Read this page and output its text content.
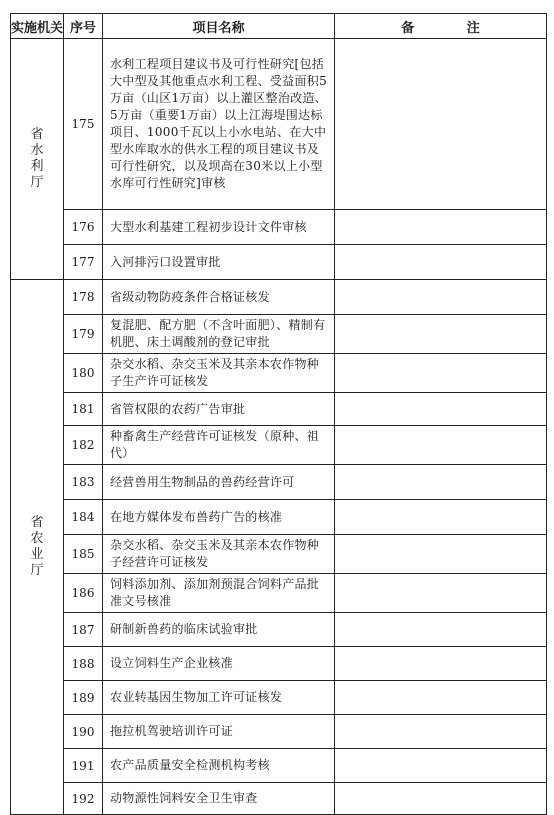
实施机关	序号	项目名称	备 注
省水利厅	175	水利工程项目建议书及可行性研究[包括大中型及其他重点水利工程、受益面积5万亩（山区1万亩）以上灌区整治改造、5万亩（重要1万亩）以上江海堤围达标项目、1000千瓦以上小水电站、在大中型水库取水的供水工程的项目建议书及可行性研究，以及坝高在30米以上小型水库可行性研究]审核	
	176	大型水利基建工程初步设计文件审核	
	177	入河排污口设置审批	
省农业厅	178	省级动物防疫条件合格证核发	
	179	复混肥、配方肥（不含叶面肥）、精制有机肥、床土调酸剂的登记审批	
	180	杂交水稻、杂交玉米及其亲本农作物种子生产许可证核发	
	181	省管权限的农药广告审批	
	182	种畜禽生产经营许可证核发（原种、祖代）	
	183	经营兽用生物制品的兽药经营许可	
	184	在地方媒体发布兽药广告的核准	
	185	杂交水稻、杂交玉米及其亲本农作物种子经营许可证核发	
	186	饲料添加剂、添加剂预混合饲料产品批准文号核准	
	187	研制新兽药的临床试验审批	
	188	设立饲料生产企业核准	
	189	农业转基因生物加工许可证核发	
	190	拖拉机驾驶培训许可证	
	191	农产品质量安全检测机构考核	
	192	动物源性饲料安全卫生审查	
